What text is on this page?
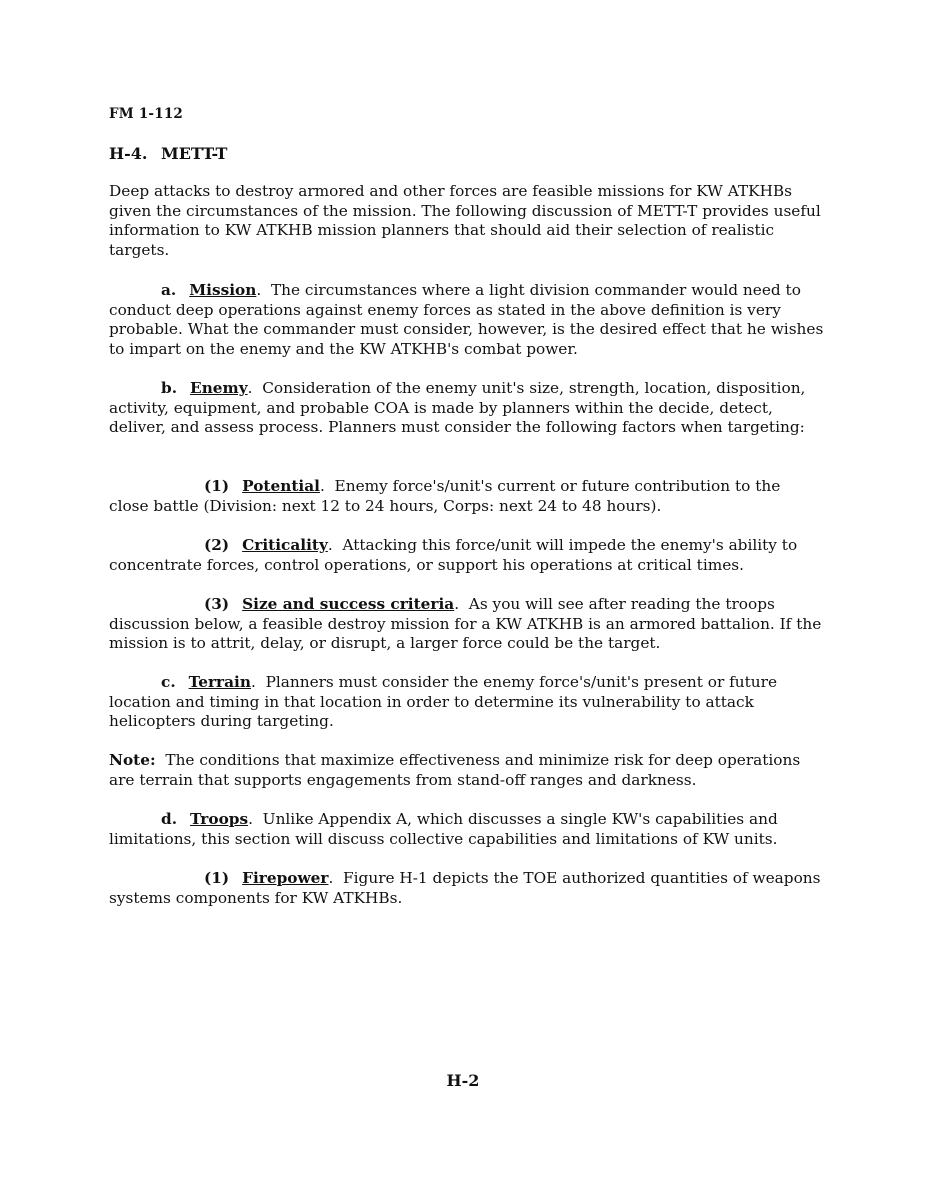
FM 1-112
H-4. METT-T
Deep attacks to destroy armored and other forces are feasible missions for KW ATKHBs given the circumstances of the mission. The following discussion of METT-T provides useful information to KW ATKHB mission planners that should aid their selection of realistic targets.
a. Mission.  The circumstances where a light division commander would need to conduct deep operations against enemy forces as stated in the above definition is very probable. What the commander must consider, however, is the desired effect that he wishes to impart on the enemy and the KW ATKHB's combat power.
b. Enemy.  Consideration of the enemy unit's size, strength, location, disposition, activity, equipment, and probable COA is made by planners within the decide, detect, deliver, and assess process. Planners must consider the following factors when targeting:
(1) Potential.  Enemy force's/unit's current or future contribution to the close battle (Division: next 12 to 24 hours, Corps: next 24 to 48 hours).
(2) Criticality.  Attacking this force/unit will impede the enemy's ability to concentrate forces, control operations, or support his operations at critical times.
(3) Size and success criteria.  As you will see after reading the troops discussion below, a feasible destroy mission for a KW ATKHB is an armored battalion. If the mission is to attrit, delay, or disrupt, a larger force could be the target.
c. Terrain.  Planners must consider the enemy force's/unit's present or future location and timing in that location in order to determine its vulnerability to attack helicopters during targeting.
Note: The conditions that maximize effectiveness and minimize risk for deep operations are terrain that supports engagements from stand-off ranges and darkness.
d. Troops.  Unlike Appendix A, which discusses a single KW's capabilities and limitations, this section will discuss collective capabilities and limitations of KW units.
(1) Firepower.  Figure H-1 depicts the TOE authorized quantities of weapons systems components for KW ATKHBs.
H-2
